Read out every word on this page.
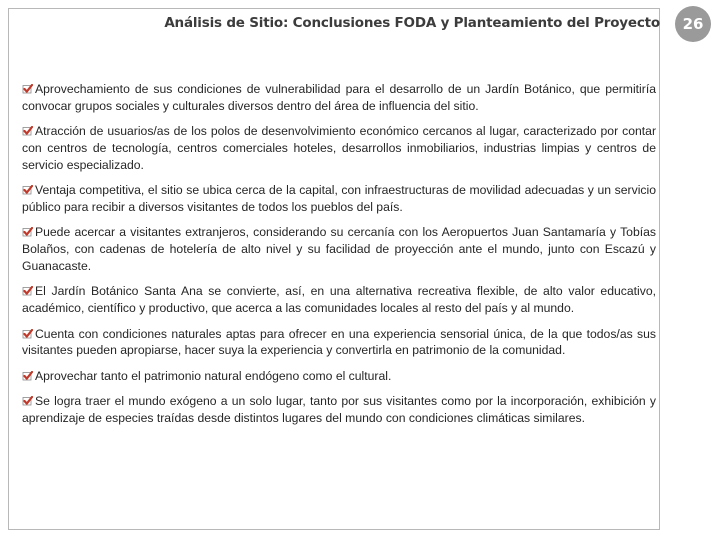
Análisis de Sitio: Conclusiones FODA y Planteamiento del Proyecto 26

Aprovechamiento de sus condiciones de vulnerabilidad para el desarrollo de un Jardín Botánico, que permitiría convocar grupos sociales y culturales diversos dentro del área de influencia del sitio.

Atracción de usuarios/as de los polos de desenvolvimiento económico cercanos al lugar, caracterizado por contar con centros de tecnología, centros comerciales hoteles, desarrollos inmobiliarios, industrias limpias y centros de servicio especializado.

Ventaja competitiva, el sitio se ubica cerca de la capital, con infraestructuras de movilidad adecuadas y un servicio público para recibir a diversos visitantes de todos los pueblos del país.

Puede acercar a visitantes extranjeros, considerando su cercanía con los Aeropuertos Juan Santamaría y Tobías Bolaños, con cadenas de hotelería de alto nivel y su facilidad de proyección ante el mundo, junto con Escazú y Guanacaste.

El Jardín Botánico Santa Ana se convierte, así, en una alternativa recreativa flexible, de alto valor educativo, académico, científico y productivo, que acerca a las comunidades locales al resto del país y al mundo.

Cuenta con condiciones naturales aptas para ofrecer en una experiencia sensorial única, de la que todos/as sus visitantes pueden apropiarse, hacer suya la experiencia y convertirla en patrimonio de la comunidad.

Aprovechar tanto el patrimonio natural endógeno como el cultural.

Se logra traer el mundo exógeno a un solo lugar, tanto por sus visitantes como por la incorporación, exhibición y aprendizaje de especies traídas desde distintos lugares del mundo con condiciones climáticas similares.
